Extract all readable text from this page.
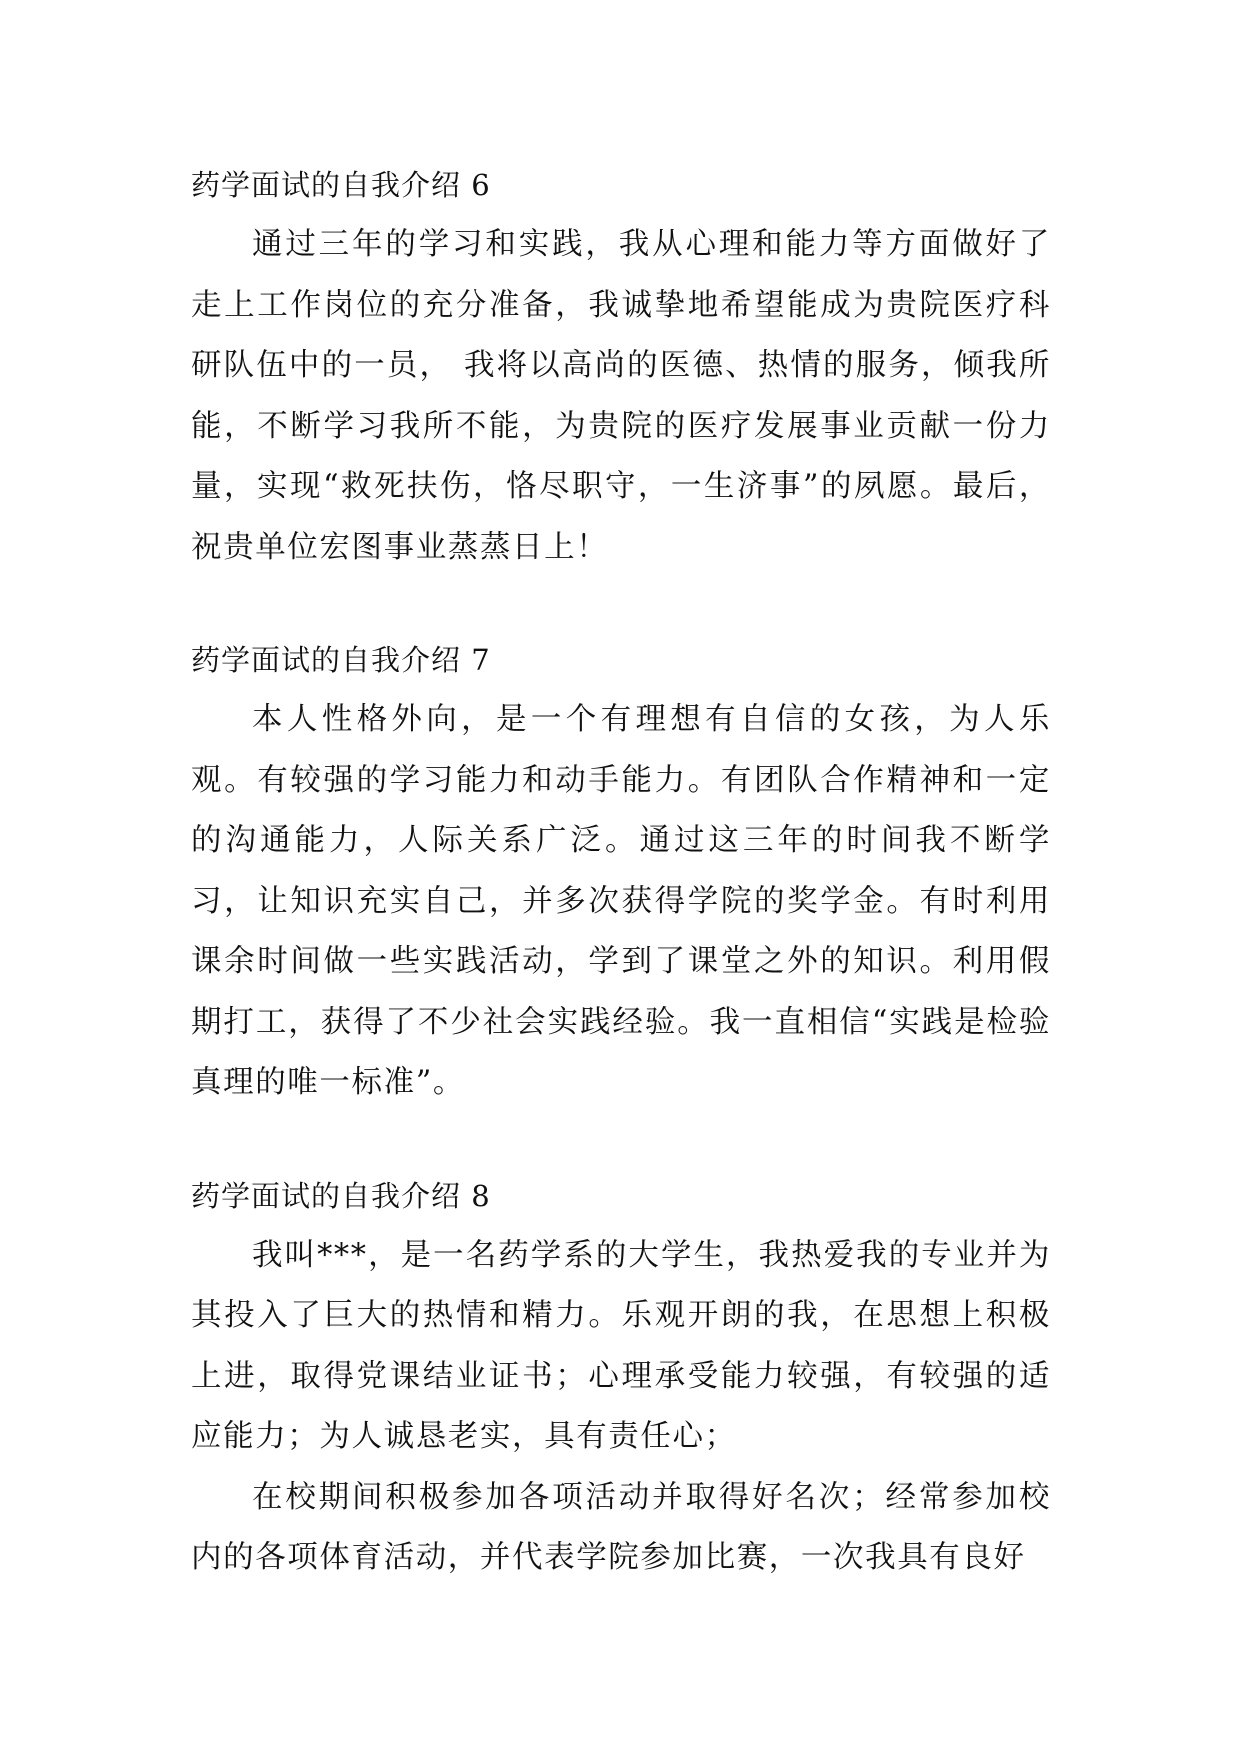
药学面试的自我介绍 6

通过三年的学习和实践，我从心理和能力等方面做好了走上工作岗位的充分准备，我诚挚地希望能成为贵院医疗科研队伍中的一员， 我将以高尚的医德、热情的服务，倾我所能，不断学习我所不能，为贵院的医疗发展事业贡献一份力量，实现“救死扶伤，恪尽职守，一生济事”的夙愿。最后，祝贵单位宏图事业蒸蒸日上！

药学面试的自我介绍 7

本人性格外向，是一个有理想有自信的女孩，为人乐观。有较强的学习能力和动手能力。有团队合作精神和一定的沟通能力，人际关系广泛。通过这三年的时间我不断学习，让知识充实自己，并多次获得学院的奖学金。有时利用课余时间做一些实践活动，学到了课堂之外的知识。利用假期打工，获得了不少社会实践经验。我一直相信“实践是检验真理的唯一标准”。

药学面试的自我介绍 8

我叫***，是一名药学系的大学生，我热爱我的专业并为其投入了巨大的热情和精力。乐观开朗的我，在思想上积极上进，取得党课结业证书；心理承受能力较强，有较强的适应能力；为人诚恳老实，具有责任心；

在校期间积极参加各项活动并取得好名次；经常参加校内的各项体育活动，并代表学院参加比赛，一次我具有良好
